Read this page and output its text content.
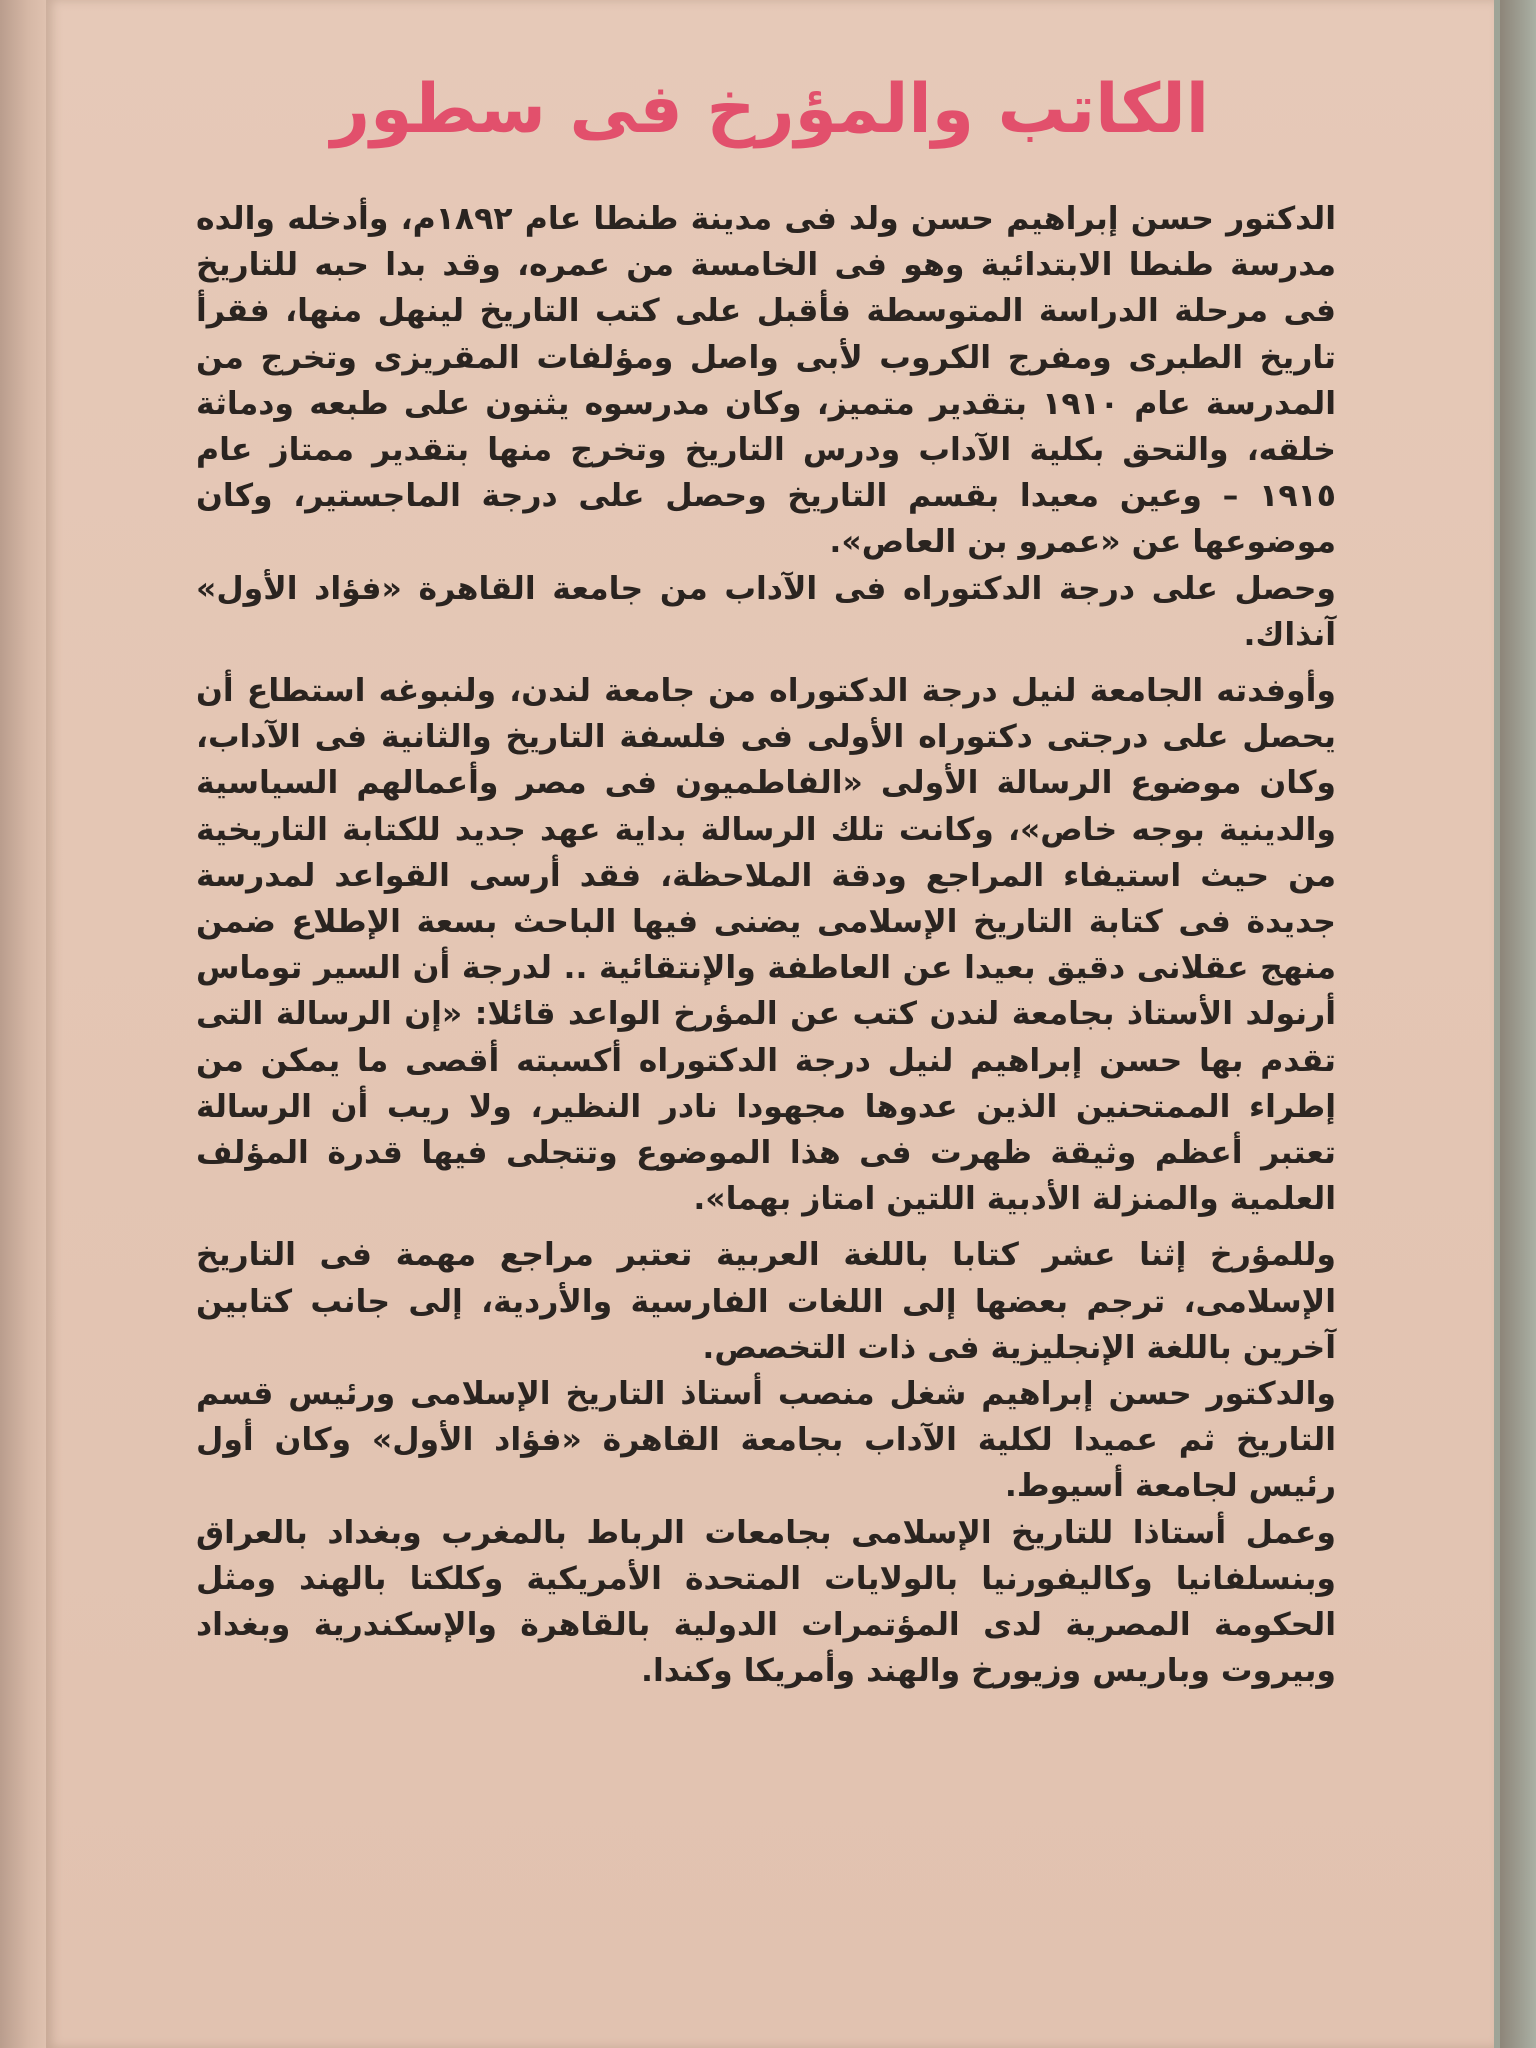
الكاتب والمؤرخ فى سطور

الدكتور حسن إبراهيم حسن ولد فى مدينة طنطا عام ١٨٩٢م، وأدخله والده مدرسة طنطا الابتدائية وهو فى الخامسة من عمره، وقد بدا حبه للتاريخ فى مرحلة الدراسة المتوسطة فأقبل على كتب التاريخ لينهل منها، فقرأ تاريخ الطبرى ومفرج الكروب لأبى واصل ومؤلفات المقريزى وتخرج من المدرسة عام ١٩١٠ بتقدير متميز، وكان مدرسوه يثنون على طبعه ودماثة خلقه، والتحق بكلية الآداب ودرس التاريخ وتخرج منها بتقدير ممتاز عام ١٩١٥ – وعين معيدا بقسم التاريخ وحصل على درجة الماجستير، وكان موضوعها عن «عمرو بن العاص».

وحصل على درجة الدكتوراه فى الآداب من جامعة القاهرة «فؤاد الأول» آنذاك.

وأوفدته الجامعة لنيل درجة الدكتوراه من جامعة لندن، ولنبوغه استطاع أن يحصل على درجتى دكتوراه الأولى فى فلسفة التاريخ والثانية فى الآداب، وكان موضوع الرسالة الأولى «الفاطميون فى مصر وأعمالهم السياسية والدينية بوجه خاص»، وكانت تلك الرسالة بداية عهد جديد للكتابة التاريخية من حيث استيفاء المراجع ودقة الملاحظة، فقد أرسى القواعد لمدرسة جديدة فى كتابة التاريخ الإسلامى يضنى فيها الباحث بسعة الإطلاع ضمن منهج عقلانى دقيق بعيدا عن العاطفة والإنتقائية .. لدرجة أن السير توماس أرنولد الأستاذ بجامعة لندن كتب عن المؤرخ الواعد قائلا: «إن الرسالة التى تقدم بها حسن إبراهيم لنيل درجة الدكتوراه أكسبته أقصى ما يمكن من إطراء الممتحنين الذين عدوها مجهودا نادر النظير، ولا ريب أن الرسالة تعتبر أعظم وثيقة ظهرت فى هذا الموضوع وتتجلى فيها قدرة المؤلف العلمية والمنزلة الأدبية اللتين امتاز بهما».

وللمؤرخ إثنا عشر كتابا باللغة العربية تعتبر مراجع مهمة فى التاريخ الإسلامى، ترجم بعضها إلى اللغات الفارسية والأردية، إلى جانب كتابين آخرين باللغة الإنجليزية فى ذات التخصص.

والدكتور حسن إبراهيم شغل منصب أستاذ التاريخ الإسلامى ورئيس قسم التاريخ ثم عميدا لكلية الآداب بجامعة القاهرة «فؤاد الأول» وكان أول رئيس لجامعة أسيوط.

وعمل أستاذا للتاريخ الإسلامى بجامعات الرباط بالمغرب وبغداد بالعراق وبنسلفانيا وكاليفورنيا بالولايات المتحدة الأمريكية وكلكتا بالهند ومثل الحكومة المصرية لدى المؤتمرات الدولية بالقاهرة والإسكندرية وبغداد وبيروت وباريس وزيورخ والهند وأمريكا وكندا.
